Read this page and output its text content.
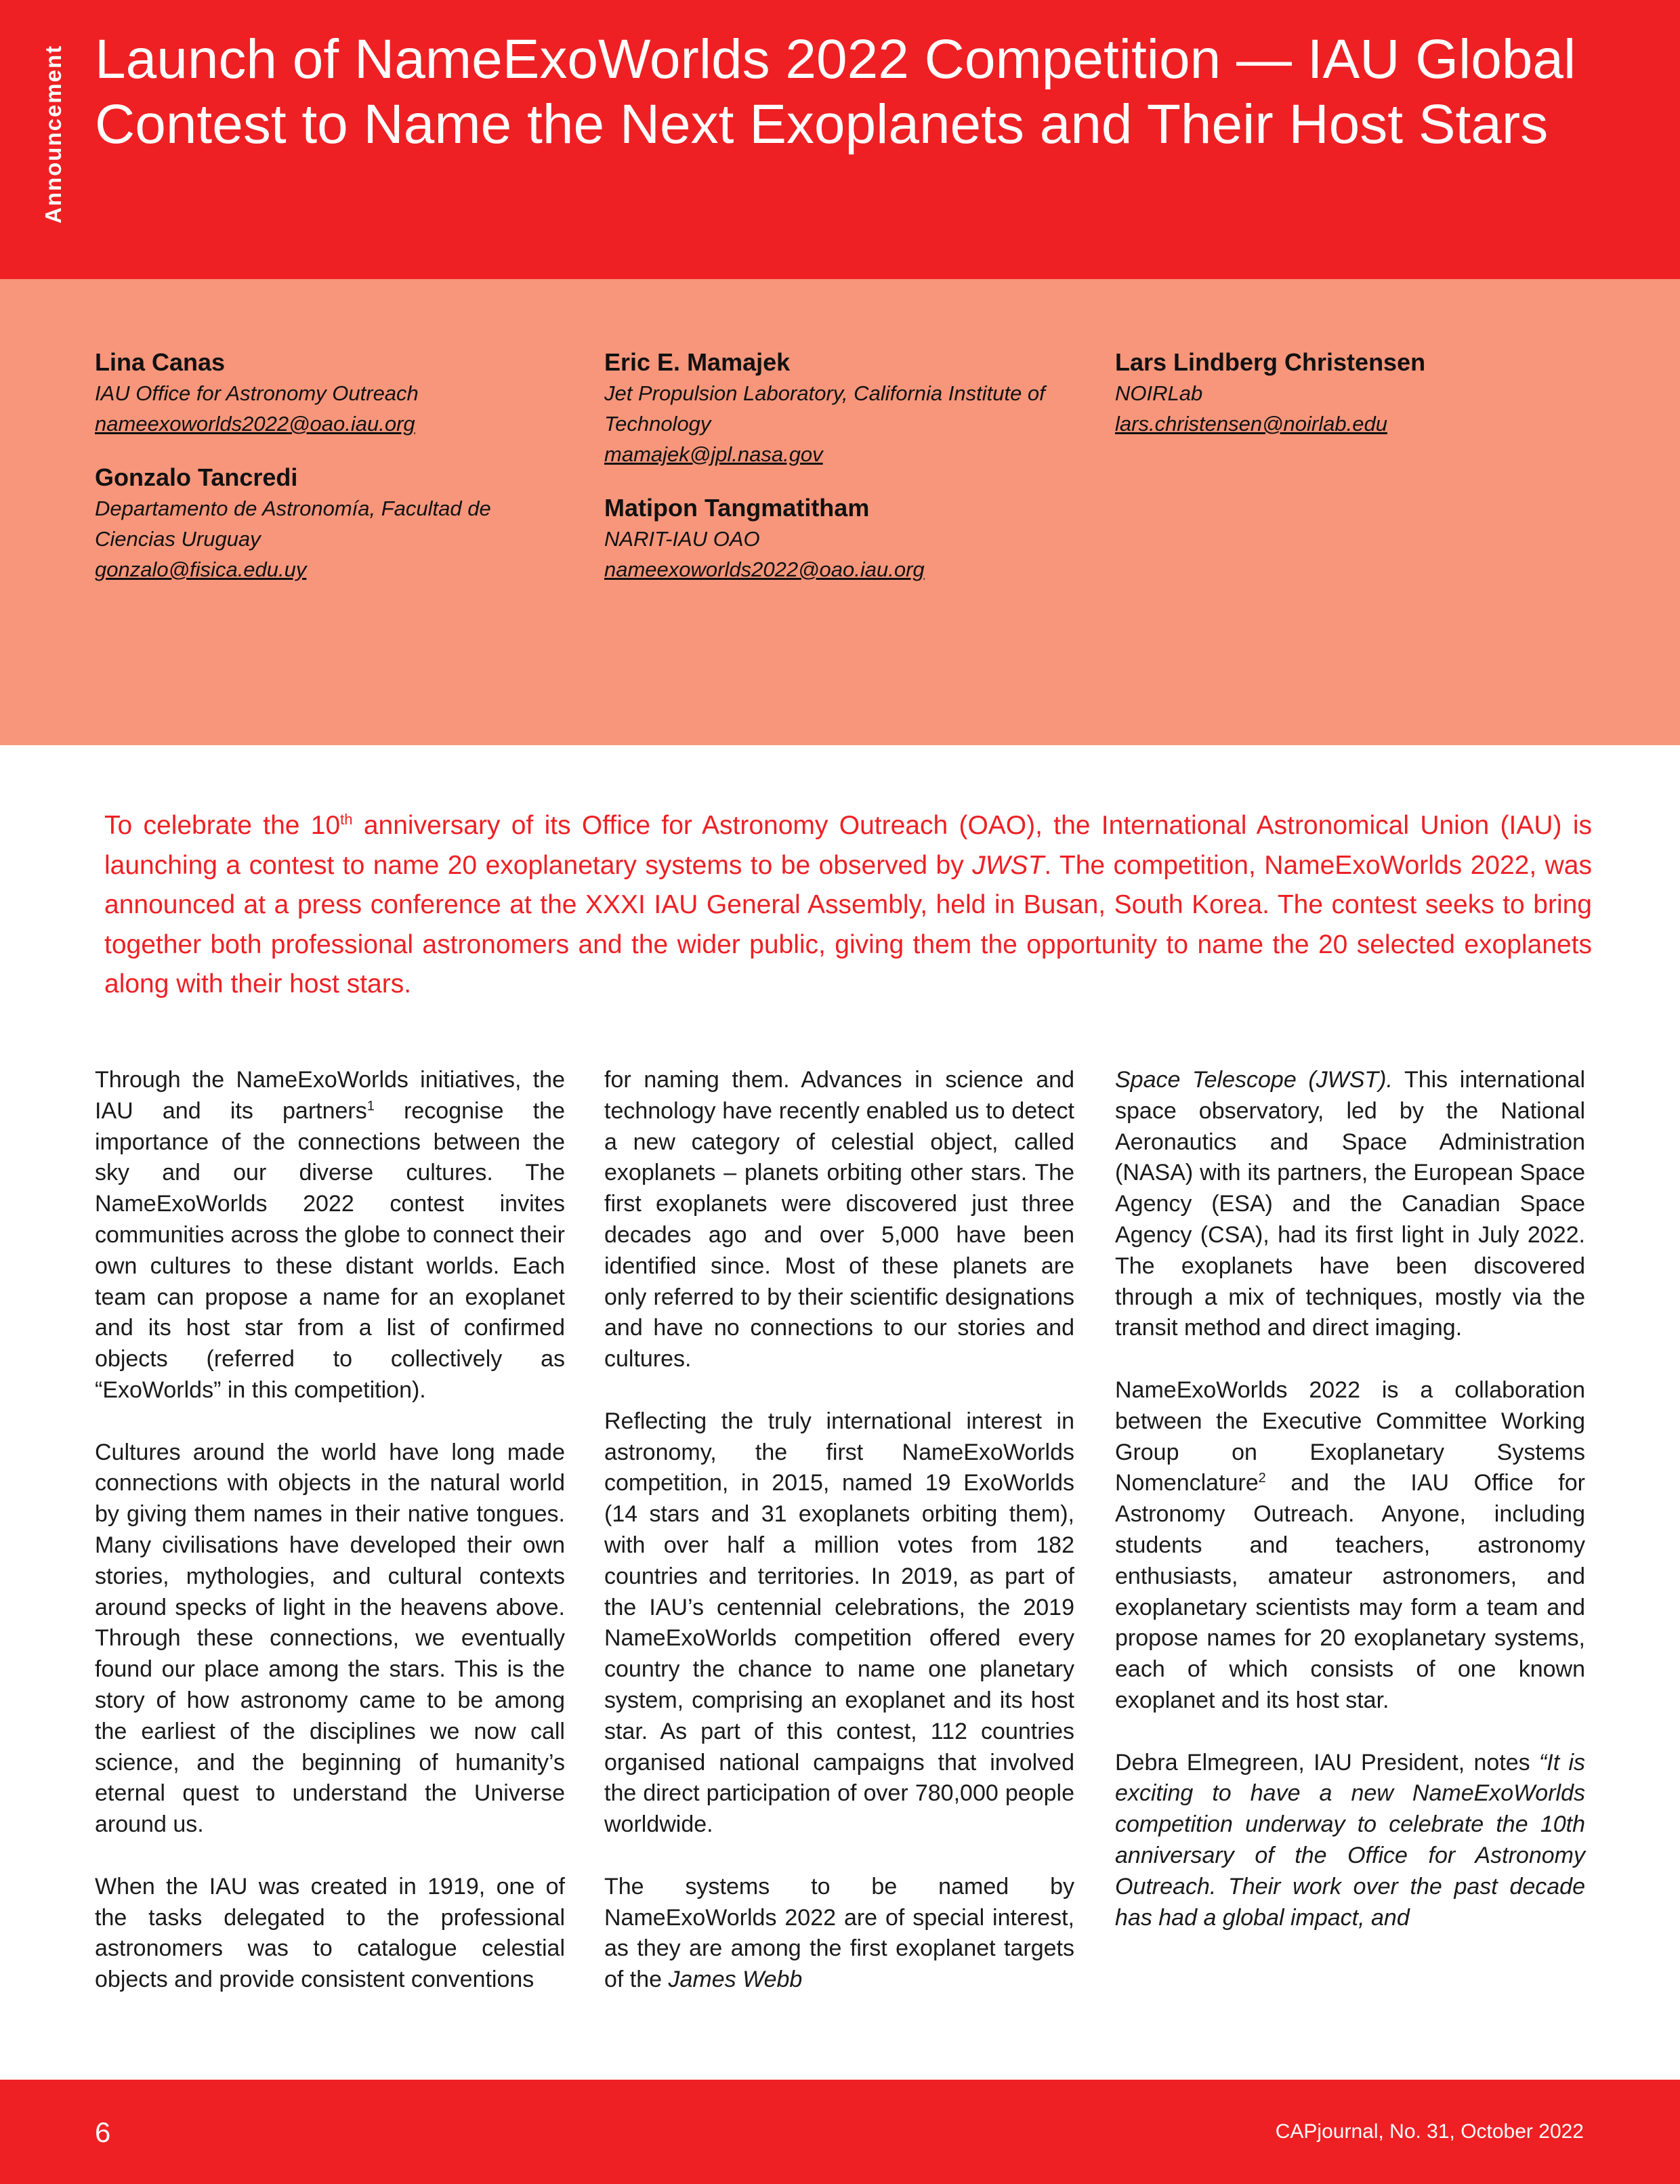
Announcement Launch of NameExoWorlds 2022 Competition — IAU Global Contest to Name the Next Exoplanets and Their Host Stars
Lina Canas
IAU Office for Astronomy Outreach
nameexoworlds2022@oao.iau.org
Gonzalo Tancredi
Departamento de Astronomía, Facultad de Ciencias Uruguay
gonzalo@fisica.edu.uy
Eric E. Mamajek
Jet Propulsion Laboratory, California Institute of Technology
mamajek@jpl.nasa.gov
Matipon Tangmatitham
NARIT-IAU OAO
nameexoworlds2022@oao.iau.org
Lars Lindberg Christensen
NOIRLab
lars.christensen@noirlab.edu

To celebrate the 10th anniversary of its Office for Astronomy Outreach (OAO), the International Astronomical Union (IAU) is launching a contest to name 20 exoplanetary systems to be observed by JWST. The competition, NameExoWorlds 2022, was announced at a press conference at the XXXI IAU General Assembly, held in Busan, South Korea. The contest seeks to bring together both professional astronomers and the wider public, giving them the opportunity to name the 20 selected exoplanets along with their host stars.

Through the NameExoWorlds initiatives, the IAU and its partners$^1$ recognise the importance of the connections between the sky and our diverse cultures. The NameExoWorlds 2022 contest invites communities across the globe to connect their own cultures to these distant worlds. Each team can propose a name for an exoplanet and its host star from a list of confirmed objects (referred to collectively as “ExoWorlds” in this competition).

Cultures around the world have long made connections with objects in the natural world by giving them names in their native tongues. Many civilisations have developed their own stories, mythologies, and cultural contexts around specks of light in the heavens above. Through these connections, we eventually found our place among the stars. This is the story of how astronomy came to be among the earliest of the disciplines we now call science, and the beginning of humanity’s eternal quest to understand the Universe around us.

When the IAU was created in 1919, one of the tasks delegated to the professional astronomers was to catalogue celestial objects and provide consistent conventions

for naming them. Advances in science and technology have recently enabled us to detect a new category of celestial object, called exoplanets – planets orbiting other stars. The first exoplanets were discovered just three decades ago and over 5,000 have been identified since. Most of these planets are only referred to by their scientific designations and have no connections to our stories and cultures.

Reflecting the truly international interest in astronomy, the first NameExoWorlds competition, in 2015, named 19 ExoWorlds (14 stars and 31 exoplanets orbiting them), with over half a million votes from 182 countries and territories. In 2019, as part of the IAU’s centennial celebrations, the 2019 NameExoWorlds competition offered every country the chance to name one planetary system, comprising an exoplanet and its host star. As part of this contest, 112 countries organised national campaigns that involved the direct participation of over 780,000 people worldwide.

The systems to be named by NameExoWorlds 2022 are of special interest, as they are among the first exoplanet targets of the James Webb

Space Telescope (JWST). This international space observatory, led by the National Aeronautics and Space Administration (NASA) with its partners, the European Space Agency (ESA) and the Canadian Space Agency (CSA), had its first light in July 2022. The exoplanets have been discovered through a mix of techniques, mostly via the transit method and direct imaging.

NameExoWorlds 2022 is a collaboration between the Executive Committee Working Group on Exoplanetary Systems Nomenclature$^2$ and the IAU Office for Astronomy Outreach. Anyone, including students and teachers, astronomy enthusiasts, amateur astronomers, and exoplanetary scientists may form a team and propose names for 20 exoplanetary systems, each of which consists of one known exoplanet and its host star.

Debra Elmegreen, IAU President, notes “It is exciting to have a new NameExoWorlds competition underway to celebrate the 10th anniversary of the Office for Astronomy Outreach. Their work over the past decade has had a global impact, and

6	CAPjournal, No. 31, October 2022
